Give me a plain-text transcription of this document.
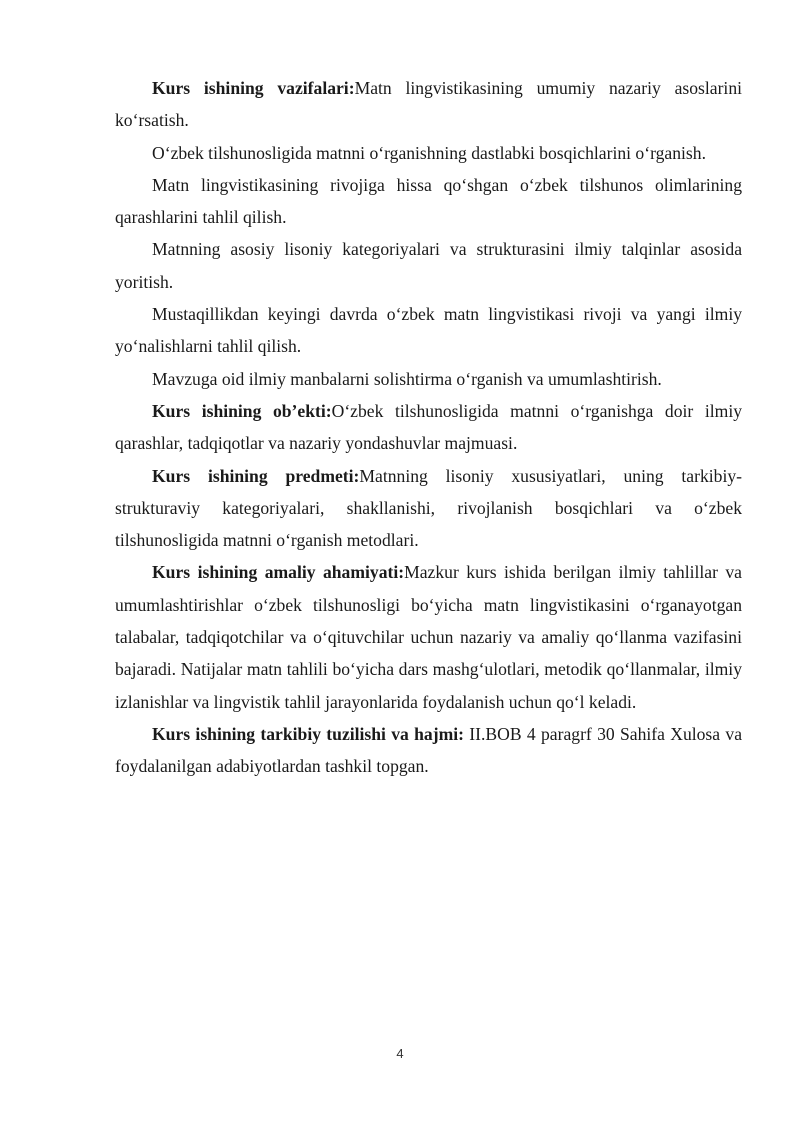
Kurs ishining vazifalari:Matn lingvistikasining umumiy nazariy asoslarini ko‘rsatish.

O‘zbek tilshunosligida matnni o‘rganishning dastlabki bosqichlarini o‘rganish.

Matn lingvistikasining rivojiga hissa qo‘shgan o‘zbek tilshunos olimlarining qarashlarini tahlil qilish.

Matnning asosiy lisoniy kategoriyalari va strukturasini ilmiy talqinlar asosida yoritish.

Mustaqillikdan keyingi davrda o‘zbek matn lingvistikasi rivoji va yangi ilmiy yo‘nalishlarni tahlil qilish.

Mavzuga oid ilmiy manbalarni solishtirma o‘rganish va umumlashtirish.

Kurs ishining ob’ekti:O‘zbek tilshunosligida matnni o‘rganishga doir ilmiy qarashlar, tadqiqotlar va nazariy yondashuvlar majmuasi.

Kurs ishining predmeti:Matnning lisoniy xususiyatlari, uning tarkibiy-strukturaviy kategoriyalari, shakllanishi, rivojlanish bosqichlari va o‘zbek tilshunosligida matnni o‘rganish metodlari.

Kurs ishining amaliy ahamiyati:Mazkur kurs ishida berilgan ilmiy tahlillar va umumlashtirishlar o‘zbek tilshunosligi bo‘yicha matn lingvistikasini o‘rganayotgan talabalar, tadqiqotchilar va o‘qituvchilar uchun nazariy va amaliy qo‘llanma vazifasini bajaradi. Natijalar matn tahlili bo‘yicha dars mashg‘ulotlari, metodik qo‘llanmalar, ilmiy izlanishlar va lingvistik tahlil jarayonlarida foydalanish uchun qo‘l keladi.

Kurs ishining tarkibiy tuzilishi va hajmi: II.BOB 4 paragrf 30 Sahifa Xulosa va foydalanilgan adabiyotlardan tashkil topgan.

4
